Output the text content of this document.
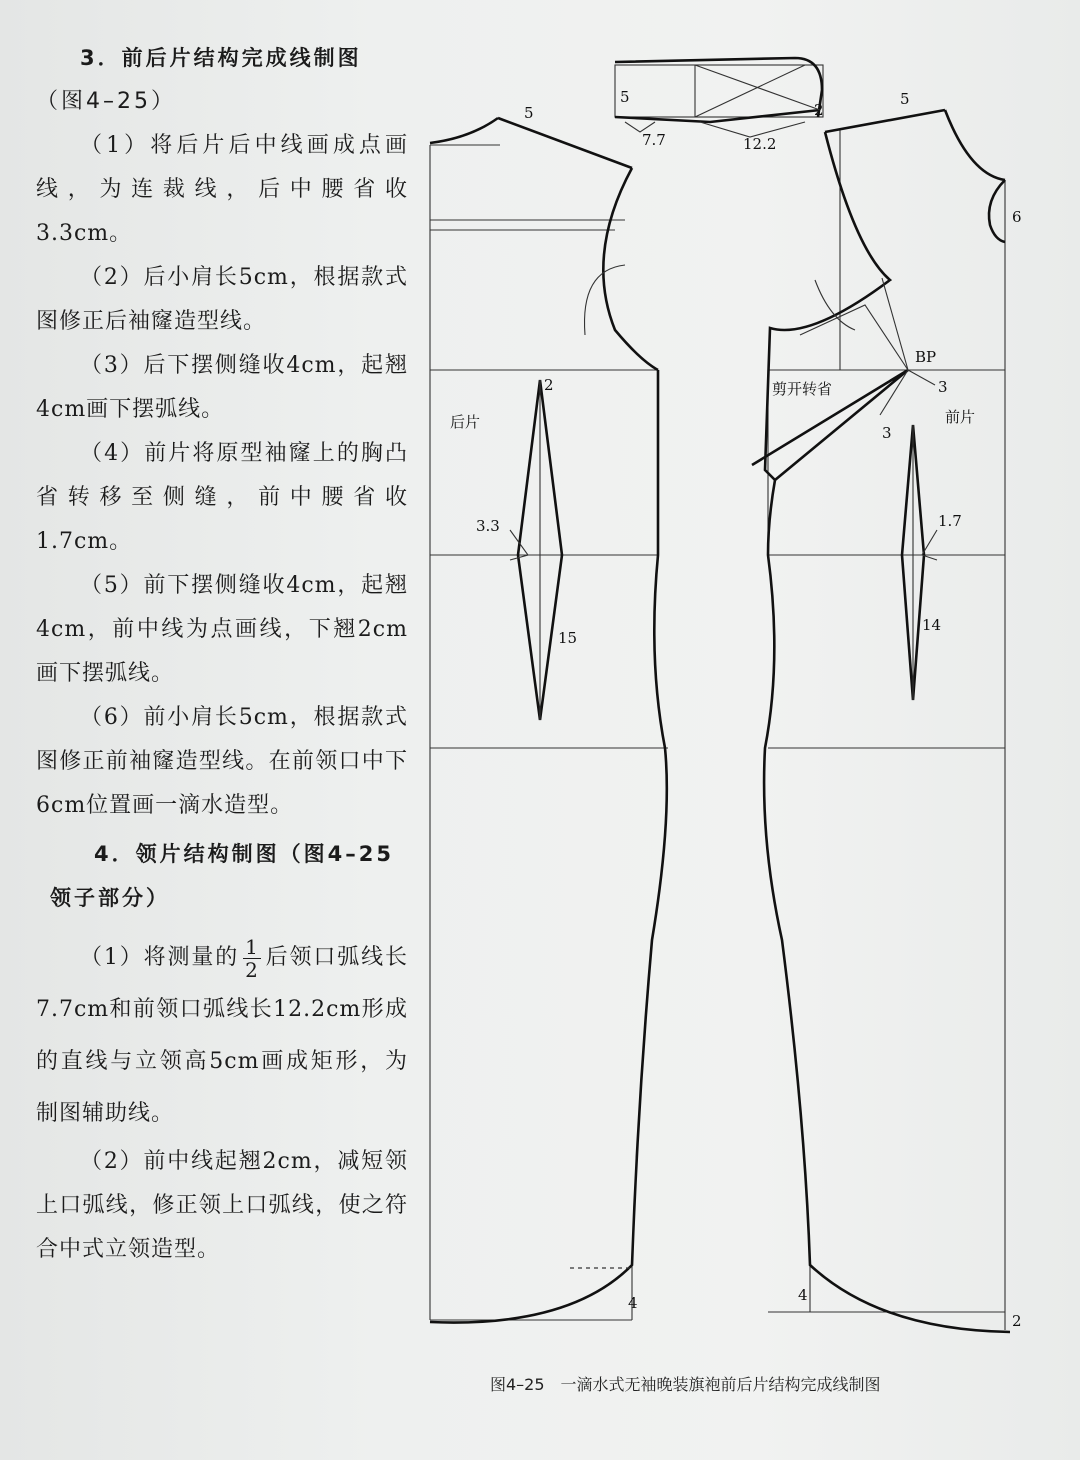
3．前后片结构完成线制图

（图4–25）

（1）将后片后中线画成点画线，为连裁线，后中腰省收3.3cm。

（2）后小肩长5cm，根据款式图修正后袖窿造型线。

（3）后下摆侧缝收4cm，起翘4cm画下摆弧线。

（4）前片将原型袖窿上的胸凸省转移至侧缝，前中腰省收1.7cm。

（5）前下摆侧缝收4cm，起翘4cm，前中线为点画线，下翘2cm画下摆弧线。

（6）前小肩长5cm，根据款式图修正前袖窿造型线。在前领口中下6cm位置画一滴水造型。

4．领片结构制图（图4–25

领子部分）

（1）将测量的 $\frac{1}{2}$ 后领口弧线长7.7cm和前领口弧线长12.2cm形成的直线与立领高5cm画成矩形，为制图辅助线。

（2）前中线起翘2cm，减短领上口弧线，修正领上口弧线，使之符合中式立领造型。

5
2
7.7	12.2
5
2
后片
3.3
15
4
5
6
BP
剪开转省	3
3
前片
1.7
14
4
2
图4–25　一滴水式无袖晚装旗袍前后片结构完成线制图
